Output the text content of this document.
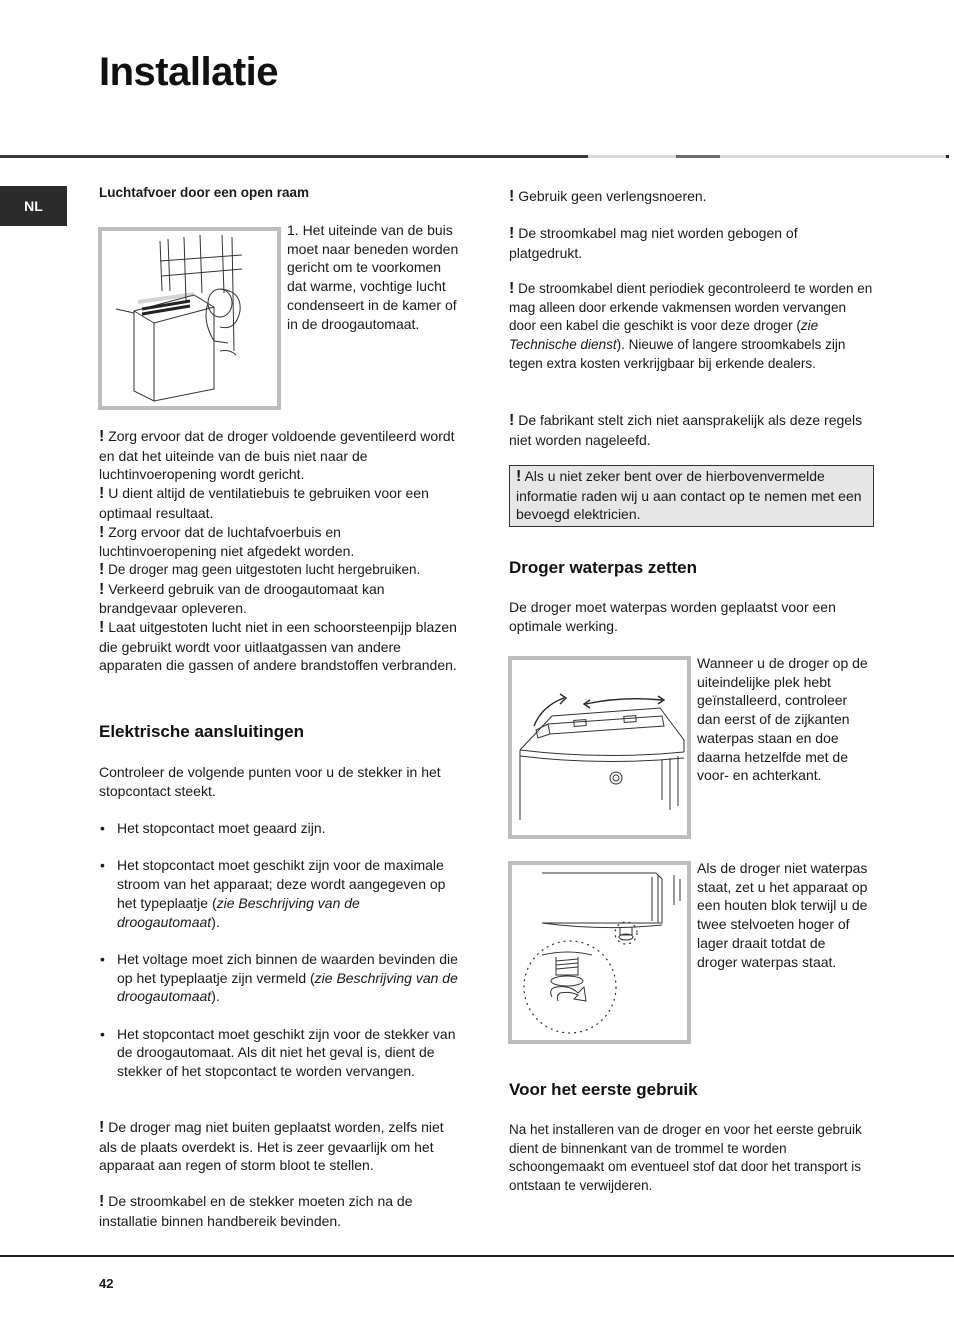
Installatie
NL
Luchtafvoer door een open raam
1. Het uiteinde van de buis moet naar beneden worden gericht om te voorkomen dat warme, vochtige lucht condenseert in de kamer of in de droogautomaat.
! Zorg ervoor dat de droger voldoende geventileerd wordt en dat het uiteinde van de buis niet naar de luchtinvoeropening wordt gericht.
! U dient altijd de ventilatiebuis te gebruiken voor een optimaal resultaat.
! Zorg ervoor dat de luchtafvoerbuis en luchtinvoeropening niet afgedekt worden.
! De droger mag geen uitgestoten lucht hergebruiken.
! Verkeerd gebruik van de droogautomaat kan brandgevaar opleveren.
! Laat uitgestoten lucht niet in een schoorsteenpijp blazen die gebruikt wordt voor uitlaatgassen van andere apparaten die gassen of andere brandstoffen verbranden.
Elektrische aansluitingen
Controleer de volgende punten voor u de stekker in het stopcontact steekt.
• Het stopcontact moet geaard zijn.
• Het stopcontact moet geschikt zijn voor de maximale stroom van het apparaat; deze wordt aangegeven op het typeplaatje (zie Beschrijving van de droogautomaat).
• Het voltage moet zich binnen de waarden bevinden die op het typeplaatje zijn vermeld (zie Beschrijving van de droogautomaat).
• Het stopcontact moet geschikt zijn voor de stekker van de droogautomaat. Als dit niet het geval is, dient de stekker of het stopcontact te worden vervangen.
! De droger mag niet buiten geplaatst worden, zelfs niet als de plaats overdekt is. Het is zeer gevaarlijk om het apparaat aan regen of storm bloot te stellen.
! De stroomkabel en de stekker moeten zich na de installatie binnen handbereik bevinden.
! Gebruik geen verlengsnoeren.
! De stroomkabel mag niet worden gebogen of platgedrukt.
! De stroomkabel dient periodiek gecontroleerd te worden en mag alleen door erkende vakmensen worden vervangen door een kabel die geschikt is voor deze droger (zie Technische dienst). Nieuwe of langere stroomkabels zijn tegen extra kosten verkrijgbaar bij erkende dealers.
! De fabrikant stelt zich niet aansprakelijk als deze regels niet worden nageleefd.
! Als u niet zeker bent over de hierbovenvermelde informatie raden wij u aan contact op te nemen met een bevoegd elektricien.
Droger waterpas zetten
De droger moet waterpas worden geplaatst voor een optimale werking.
Wanneer u de droger op de uiteindelijke plek hebt geïnstalleerd, controleer dan eerst of de zijkanten waterpas staan en doe daarna hetzelfde met de voor- en achterkant.
Als de droger niet waterpas staat, zet u het apparaat op een houten blok terwijl u de twee stelvoeten hoger of lager draait totdat de droger waterpas staat.
Voor het eerste gebruik
Na het installeren van de droger en voor het eerste gebruik dient de binnenkant van de trommel te worden schoongemaakt om eventueel stof dat door het transport is ontstaan te verwijderen.
42
